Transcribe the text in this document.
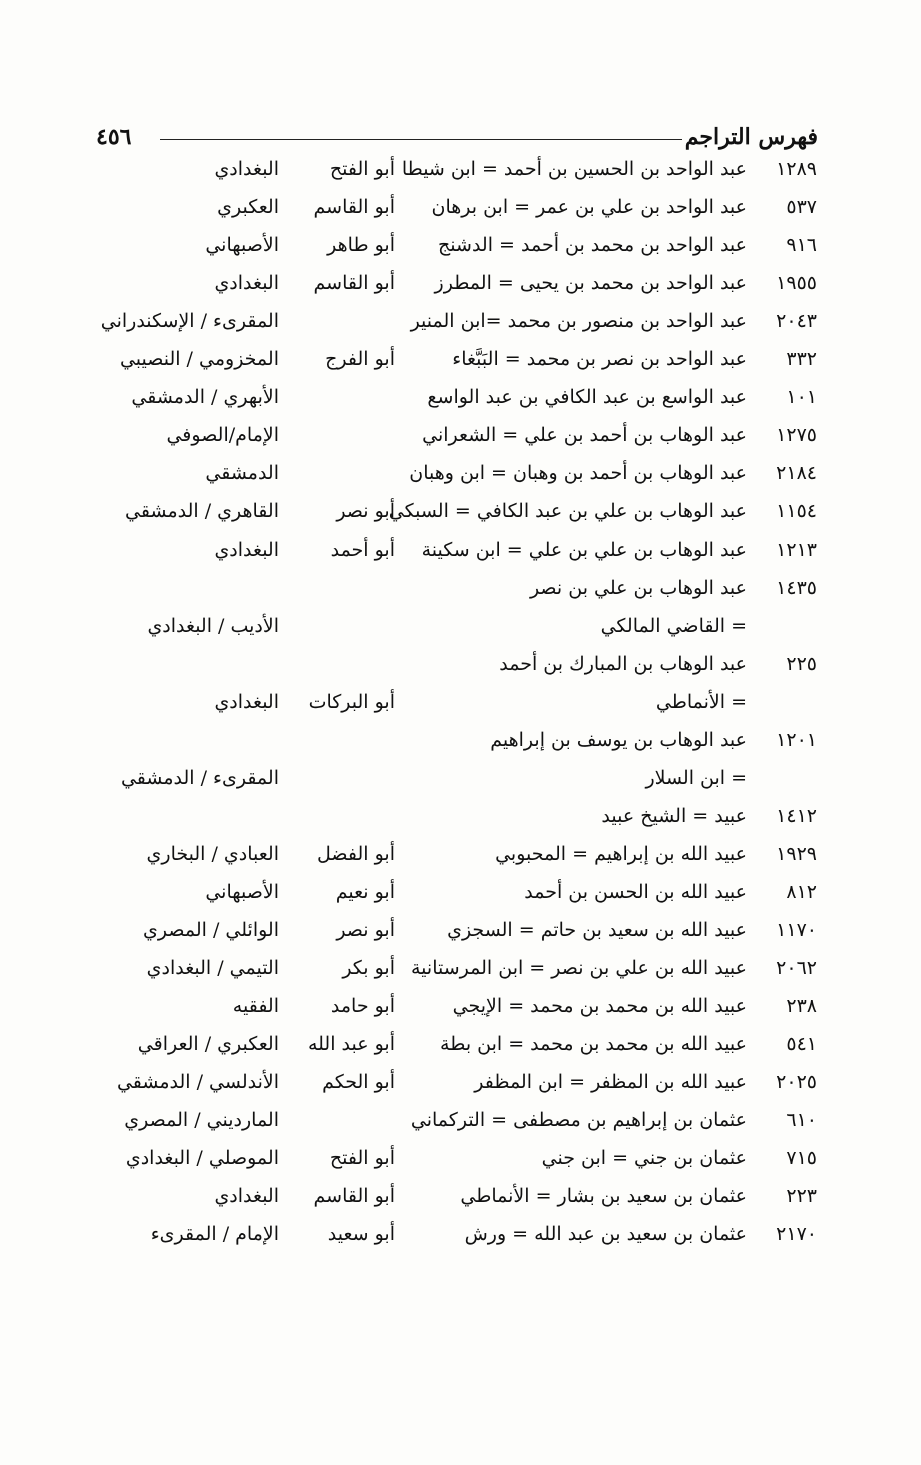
فهرس التراجم
٤٥٦
١٢٨٩
عبد الواحد بن الحسين بن أحمد = ابن شيطا
أبو الفتح
البغدادي
٥٣٧
عبد الواحد بن علي بن عمر = ابن برهان
أبو القاسم
العكبري
٩١٦
عبد الواحد بن محمد بن أحمد = الدشنج
أبو طاهر
الأصبهاني
١٩٥٥
عبد الواحد بن محمد بن يحيى = المطرز
أبو القاسم
البغدادي
٢٠٤٣
عبد الواحد بن منصور بن محمد =ابن المنير
المقرىء / الإسكندراني
٣٣٢
عبد الواحد بن نصر بن محمد = البَبَّغاء
أبو الفرج
المخزومي / النصيبي
١٠١
عبد الواسع بن عبد الكافي بن عبد الواسع
الأبهري / الدمشقي
١٢٧٥
عبد الوهاب بن أحمد بن علي = الشعراني
الإمام/الصوفي
٢١٨٤
عبد الوهاب بن أحمد بن وهبان = ابن وهبان
الدمشقي
١١٥٤
عبد الوهاب بن علي بن عبد الكافي = السبكي
أبو نصر
القاهري / الدمشقي
١٢١٣
عبد الوهاب بن علي بن علي = ابن سكينة
أبو أحمد
البغدادي
١٤٣٥
عبد الوهاب بن علي بن نصر
= القاضي المالكي
الأديب / البغدادي
٢٢٥
عبد الوهاب بن المبارك بن أحمد
= الأنماطي
أبو البركات
البغدادي
١٢٠١
عبد الوهاب بن يوسف بن إبراهيم
= ابن السلار
المقرىء / الدمشقي
١٤١٢
عبيد = الشيخ عبيد
١٩٢٩
عبيد الله بن إبراهيم = المحبوبي
أبو الفضل
العبادي / البخاري
٨١٢
عبيد الله بن الحسن بن أحمد
أبو نعيم
الأصبهاني
١١٧٠
عبيد الله بن سعيد بن حاتم = السجزي
أبو نصر
الوائلي / المصري
٢٠٦٢
عبيد الله بن علي بن نصر = ابن المرستانية
أبو بكر
التيمي / البغدادي
٢٣٨
عبيد الله بن محمد بن محمد = الإيجي
أبو حامد
الفقيه
٥٤١
عبيد الله بن محمد بن محمد = ابن بطة
أبو عبد الله
العكبري / العراقي
٢٠٢٥
عبيد الله بن المظفر = ابن المظفر
أبو الحكم
الأندلسي / الدمشقي
٦١٠
عثمان بن إبراهيم بن مصطفى = التركماني
المارديني / المصري
٧١٥
عثمان بن جني = ابن جني
أبو الفتح
الموصلي / البغدادي
٢٢٣
عثمان بن سعيد بن بشار = الأنماطي
أبو القاسم
البغدادي
٢١٧٠
عثمان بن سعيد بن عبد الله = ورش
أبو سعيد
الإمام / المقرىء
